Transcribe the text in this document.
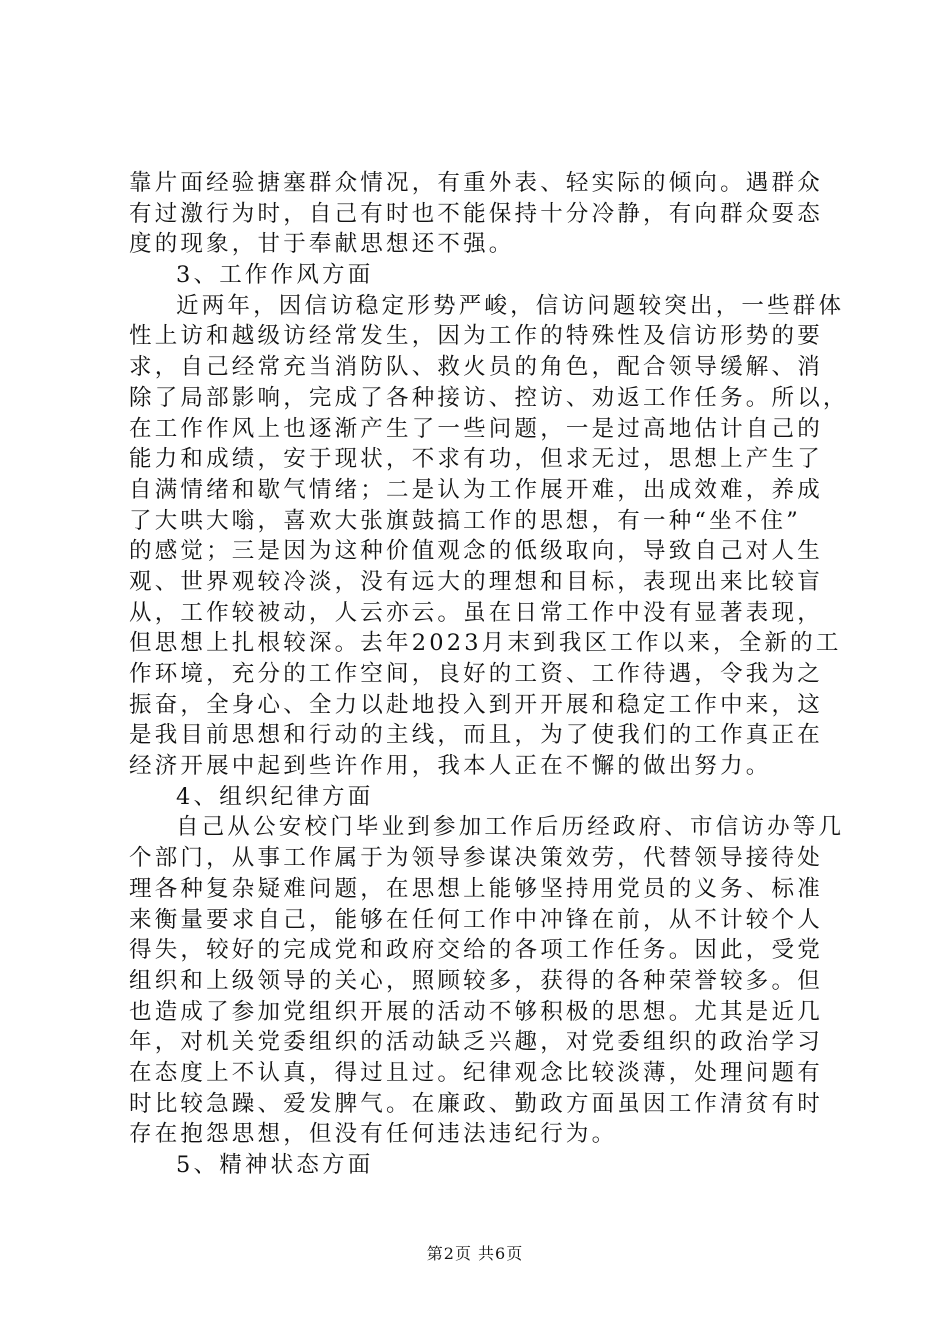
靠片面经验搪塞群众情况，有重外表、轻实际的倾向。遇群众
有过激行为时，自己有时也不能保持十分冷静，有向群众耍态
度的现象，甘于奉献思想还不强。
3、工作作风方面
近两年，因信访稳定形势严峻，信访问题较突出，一些群体
性上访和越级访经常发生，因为工作的特殊性及信访形势的要
求，自己经常充当消防队、救火员的角色，配合领导缓解、消
除了局部影响，完成了各种接访、控访、劝返工作任务。所以，
在工作作风上也逐渐产生了一些问题，一是过高地估计自己的
能力和成绩，安于现状，不求有功，但求无过，思想上产生了
自满情绪和歇气情绪；二是认为工作展开难，出成效难，养成
了大哄大嗡，喜欢大张旗鼓搞工作的思想，有一种“坐不住”
的感觉；三是因为这种价值观念的低级取向，导致自己对人生
观、世界观较冷淡，没有远大的理想和目标，表现出来比较盲
从，工作较被动，人云亦云。虽在日常工作中没有显著表现，
但思想上扎根较深。去年2023月末到我区工作以来，全新的工
作环境，充分的工作空间，良好的工资、工作待遇，令我为之
振奋，全身心、全力以赴地投入到开开展和稳定工作中来，这
是我目前思想和行动的主线，而且，为了使我们的工作真正在
经济开展中起到些许作用，我本人正在不懈的做出努力。
4、组织纪律方面
自己从公安校门毕业到参加工作后历经政府、市信访办等几
个部门，从事工作属于为领导参谋决策效劳，代替领导接待处
理各种复杂疑难问题，在思想上能够坚持用党员的义务、标准
来衡量要求自己，能够在任何工作中冲锋在前，从不计较个人
得失，较好的完成党和政府交给的各项工作任务。因此，受党
组织和上级领导的关心，照顾较多，获得的各种荣誉较多。但
也造成了参加党组织开展的活动不够积极的思想。尤其是近几
年，对机关党委组织的活动缺乏兴趣，对党委组织的政治学习
在态度上不认真，得过且过。纪律观念比较淡薄，处理问题有
时比较急躁、爱发脾气。在廉政、勤政方面虽因工作清贫有时
存在抱怨思想，但没有任何违法违纪行为。
5、精神状态方面
第2页 共6页
